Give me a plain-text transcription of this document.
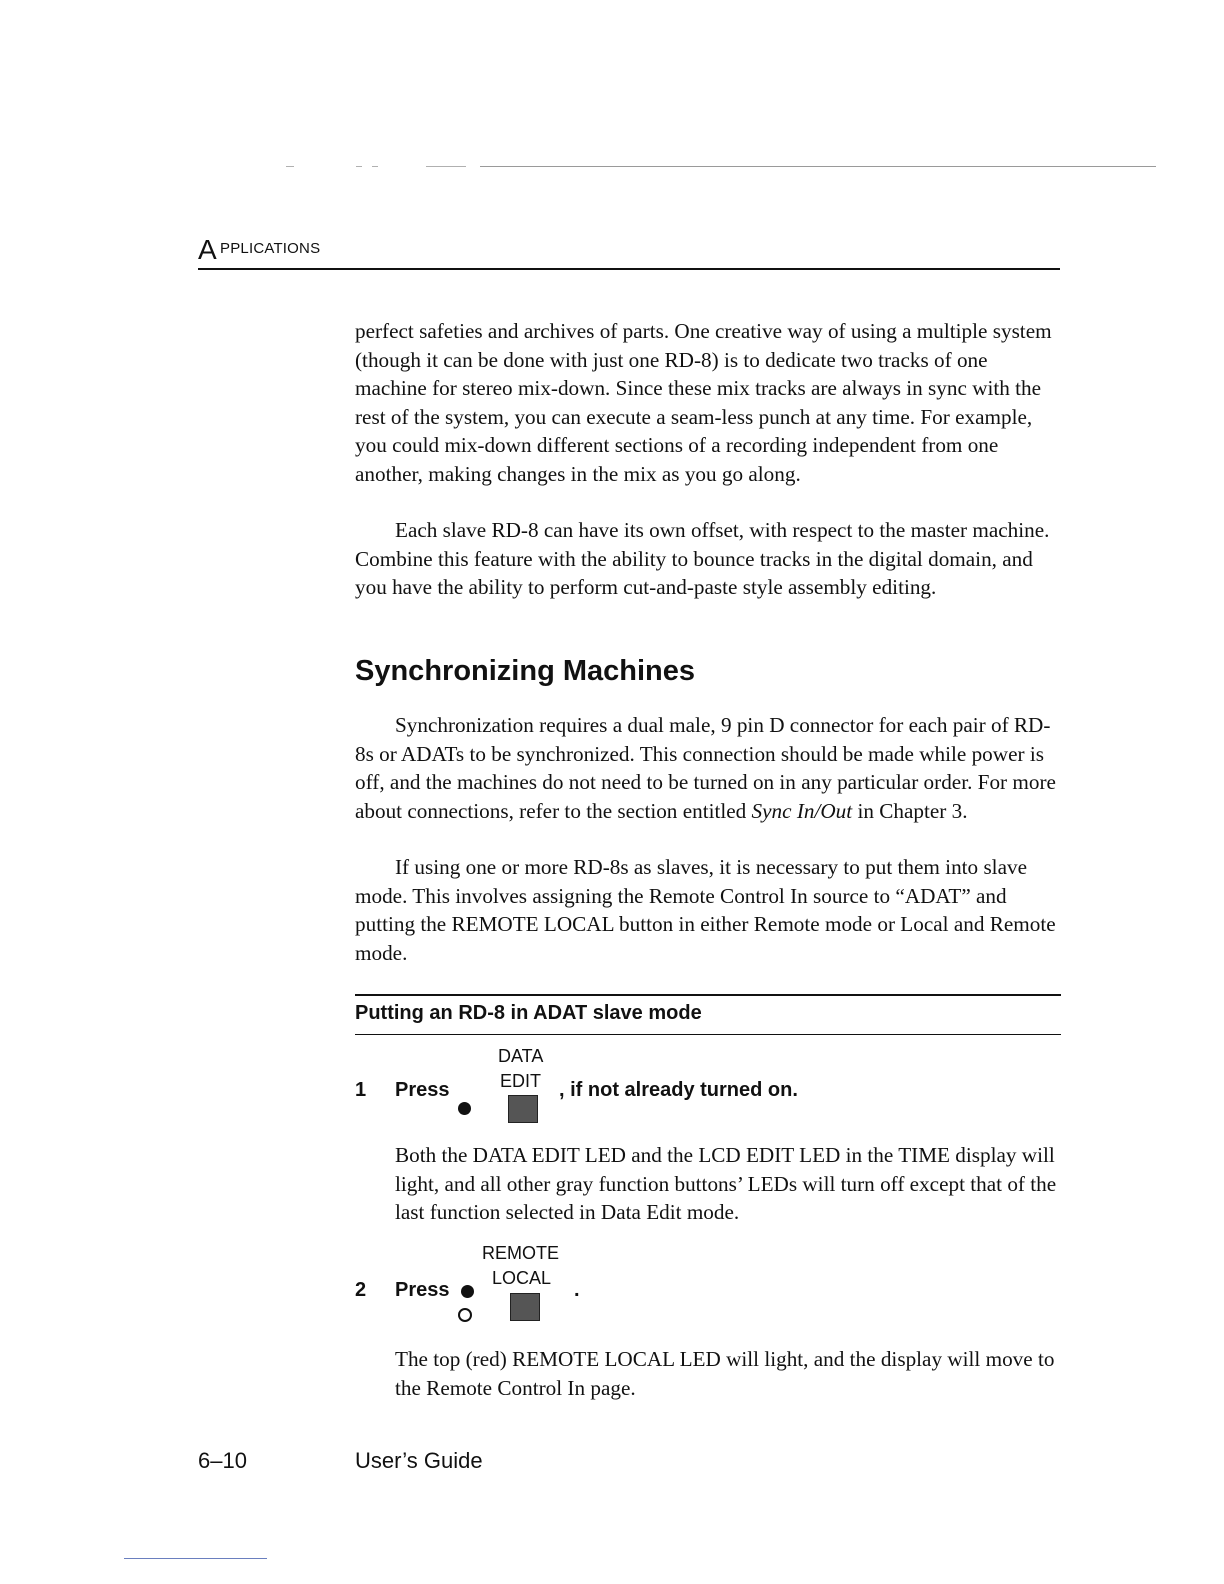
A PPLICATIONS

perfect safeties and archives of parts. One creative way of using a multiple system (though it can be done with just one RD-8) is to dedicate two tracks of one machine for stereo mix-down. Since these mix tracks are always in sync with the rest of the system, you can execute a seam-less punch at any time. For example, you could mix-down different sections of a recording independent from one another, making changes in the mix as you go along.

Each slave RD-8 can have its own offset, with respect to the master machine. Combine this feature with the ability to bounce tracks in the digital domain, and you have the ability to perform cut-and-paste style assembly editing.

Synchronizing Machines

Synchronization requires a dual male, 9 pin D connector for each pair of RD-8s or ADATs to be synchronized. This connection should be made while power is off, and the machines do not need to be turned on in any particular order. For more about connections, refer to the section entitled Sync In/Out in Chapter 3.

If using one or more RD-8s as slaves, it is necessary to put them into slave mode. This involves assigning the Remote Control In source to “ADAT” and putting the REMOTE LOCAL button in either Remote mode or Local and Remote mode.

Putting an RD-8 in ADAT slave mode
1 Press
DATA
EDIT , if not already turned on.

Both the DATA EDIT LED and the LCD EDIT LED in the TIME display will light, and all other gray function buttons’ LEDs will turn off except that of the last function selected in Data Edit mode.

2 Press
REMOTE
LOCAL
.

The top (red) REMOTE LOCAL LED will light, and the display will move to the Remote Control In page.

6–10	User’s Guide
